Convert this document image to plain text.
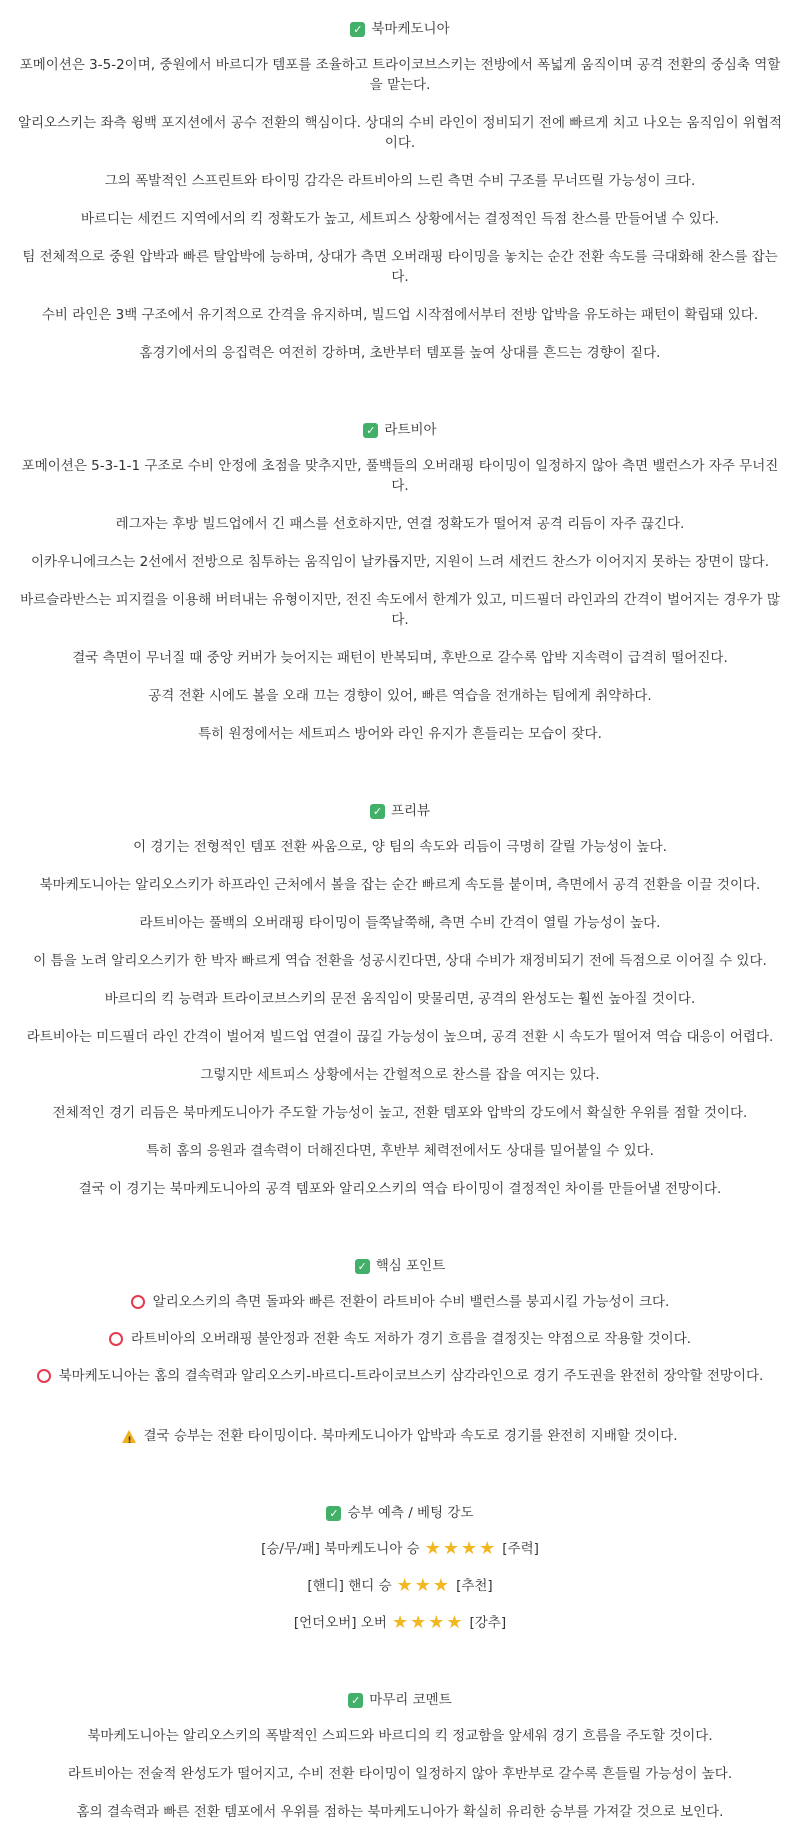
✓ 북마케도니아

포메이션은 3-5-2이며, 중원에서 바르디가 템포를 조율하고 트라이코브스키는 전방에서 폭넓게 움직이며 공격 전환의 중심축 역할을 맡는다.

알리오스키는 좌측 윙백 포지션에서 공수 전환의 핵심이다. 상대의 수비 라인이 정비되기 전에 빠르게 치고 나오는 움직임이 위협적이다.

그의 폭발적인 스프린트와 타이밍 감각은 라트비아의 느린 측면 수비 구조를 무너뜨릴 가능성이 크다.

바르디는 세컨드 지역에서의 킥 정확도가 높고, 세트피스 상황에서는 결정적인 득점 찬스를 만들어낼 수 있다.

팀 전체적으로 중원 압박과 빠른 탈압박에 능하며, 상대가 측면 오버래핑 타이밍을 놓치는 순간 전환 속도를 극대화해 찬스를 잡는다.

수비 라인은 3백 구조에서 유기적으로 간격을 유지하며, 빌드업 시작점에서부터 전방 압박을 유도하는 패턴이 확립돼 있다.

홈경기에서의 응집력은 여전히 강하며, 초반부터 템포를 높여 상대를 흔드는 경향이 짙다.

✓ 라트비아

포메이션은 5-3-1-1 구조로 수비 안정에 초점을 맞추지만, 풀백들의 오버래핑 타이밍이 일정하지 않아 측면 밸런스가 자주 무너진다.

레그자는 후방 빌드업에서 긴 패스를 선호하지만, 연결 정확도가 떨어져 공격 리듬이 자주 끊긴다.

이카우니에크스는 2선에서 전방으로 침투하는 움직임이 날카롭지만, 지원이 느려 세컨드 찬스가 이어지지 못하는 장면이 많다.

바르슬라반스는 피지컬을 이용해 버텨내는 유형이지만, 전진 속도에서 한계가 있고, 미드필더 라인과의 간격이 벌어지는 경우가 많다.

결국 측면이 무너질 때 중앙 커버가 늦어지는 패턴이 반복되며, 후반으로 갈수록 압박 지속력이 급격히 떨어진다.

공격 전환 시에도 볼을 오래 끄는 경향이 있어, 빠른 역습을 전개하는 팀에게 취약하다.

특히 원정에서는 세트피스 방어와 라인 유지가 흔들리는 모습이 잦다.

✓ 프리뷰

이 경기는 전형적인 템포 전환 싸움으로, 양 팀의 속도와 리듬이 극명히 갈릴 가능성이 높다.

북마케도니아는 알리오스키가 하프라인 근처에서 볼을 잡는 순간 빠르게 속도를 붙이며, 측면에서 공격 전환을 이끌 것이다.

라트비아는 풀백의 오버래핑 타이밍이 들쭉날쭉해, 측면 수비 간격이 열릴 가능성이 높다.

이 틈을 노려 알리오스키가 한 박자 빠르게 역습 전환을 성공시킨다면, 상대 수비가 재정비되기 전에 득점으로 이어질 수 있다.

바르디의 킥 능력과 트라이코브스키의 문전 움직임이 맞물리면, 공격의 완성도는 훨씬 높아질 것이다.

라트비아는 미드필더 라인 간격이 벌어져 빌드업 연결이 끊길 가능성이 높으며, 공격 전환 시 속도가 떨어져 역습 대응이 어렵다.

그렇지만 세트피스 상황에서는 간헐적으로 찬스를 잡을 여지는 있다.

전체적인 경기 리듬은 북마케도니아가 주도할 가능성이 높고, 전환 템포와 압박의 강도에서 확실한 우위를 점할 것이다.

특히 홈의 응원과 결속력이 더해진다면, 후반부 체력전에서도 상대를 밀어붙일 수 있다.

결국 이 경기는 북마케도니아의 공격 템포와 알리오스키의 역습 타이밍이 결정적인 차이를 만들어낼 전망이다.

✓ 핵심 포인트
알리오스키의 측면 돌파와 빠른 전환이 라트비아 수비 밸런스를 붕괴시킬 가능성이 크다.
라트비아의 오버래핑 불안정과 전환 속도 저하가 경기 흐름을 결정짓는 약점으로 작용할 것이다.
북마케도니아는 홈의 결속력과 알리오스키-바르디-트라이코브스키 삼각라인으로 경기 주도권을 완전히 장악할 전망이다.
!
결국 승부는 전환 타이밍이다. 북마케도니아가 압박과 속도로 경기를 완전히 지배할 것이다.
✓ 승부 예측 / 베팅 강도
[승/무/패] 북마케도니아 승 ★★★★ [주력]
[핸디] 핸디 승 ★★★ [추천]
[언더오버] 오버 ★★★★ [강추]
✓ 마무리 코멘트

북마케도니아는 알리오스키의 폭발적인 스피드와 바르디의 킥 정교함을 앞세워 경기 흐름을 주도할 것이다.

라트비아는 전술적 완성도가 떨어지고, 수비 전환 타이밍이 일정하지 않아 후반부로 갈수록 흔들릴 가능성이 높다.

홈의 결속력과 빠른 전환 템포에서 우위를 점하는 북마케도니아가 확실히 유리한 승부를 가져갈 것으로 보인다.
